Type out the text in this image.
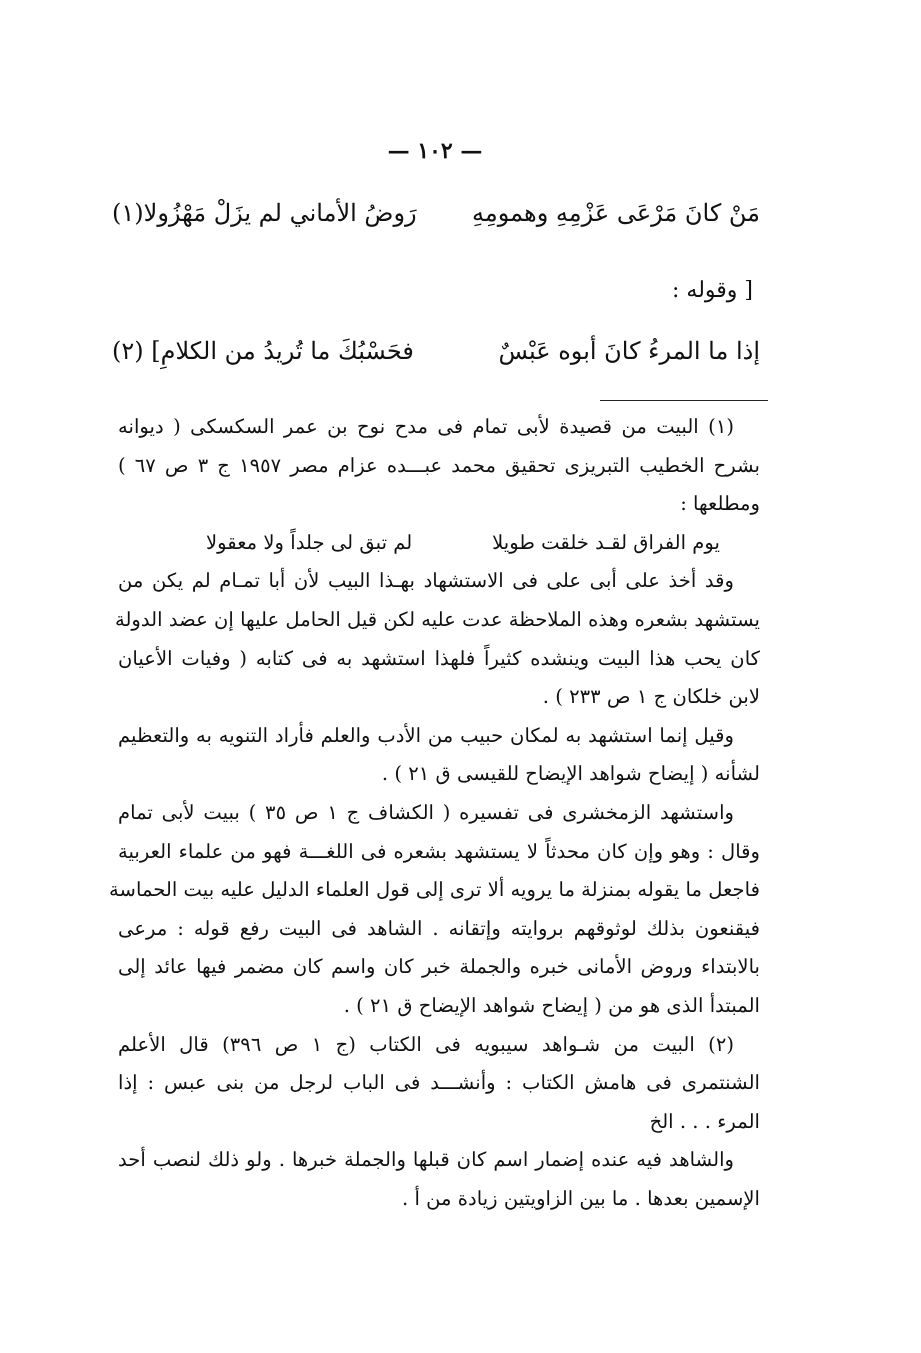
— ١٠٢ —
مَنْ كانَ مَرْعَى عَزْمِهِ وهمومِهِ
رَوضُ الأماني لم يزَلْ مَهْزُولا(١)
[ وقوله :
إذا ما المرءُ كانَ أبوه عَبْسٌ
فحَسْبُكَ ما تُريدُ من الكلامِ] (٢)
(١) البيت من قصيدة لأبى تمام فى مدح نوح بن عمر السكسكى ( ديوانه
بشرح الخطيب التبريزى تحقيق محمد عبـــده عزام مصر ١٩٥٧ ج ٣ ص ٦٧ )
ومطلعها :
يوم الفراق لقـد خلقت طويلا
لم تبق لى جلداً ولا معقولا
وقد أخذ على أبى على فى الاستشهاد بهـذا البيب لأن أبا تمـام لم يكن من
يستشهد بشعره وهذه الملاحظة عدت عليه لكن قيل الحامل عليها إن عضد الدولة
كان يحب هذا البيت وينشده كثيراً فلهذا استشهد به فى كتابه ( وفيات الأعيان
لابن خلكان ج ١ ص ٢٣٣ ) .
وقيل إنما استشهد به لمكان حبيب من الأدب والعلم فأراد التنويه به والتعظيم
لشأنه ( إيضاح شواهد الإيضاح للقيسى ق ٢١ ) .
واستشهد الزمخشرى فى تفسيره ( الكشاف ج ١ ص ٣٥ ) ببيت لأبى تمام
وقال : وهو وإن كان محدثاً لا يستشهد بشعره فى اللغـــة فهو من علماء العربية
فاجعل ما يقوله بمنزلة ما يرويه ألا ترى إلى قول العلماء الدليل عليه بيت الحماسة
فيقنعون بذلك لوثوقهم بروايته وإتقانه . الشاهد فى البيت رفع قوله : مرعى
بالابتداء وروض الأمانى خبره والجملة خبر كان واسم كان مضمر فيها عائد إلى
المبتدأ الذى هو من ( إيضاح شواهد الإيضاح ق ٢١ ) .
(٢) البيت من شـواهد سيبويه فى الكتاب (ج ١ ص ٣٩٦) قال الأعلم
الشنتمرى فى هامش الكتاب : وأنشـــد فى الباب لرجل من بنى عبس : إذا
المرء . . . الخ
والشاهد فيه عنده إضمار اسم كان قبلها والجملة خبرها . ولو ذلك لنصب أحد
الإسمين بعدها . ما بين الزاويتين زيادة من أ .
